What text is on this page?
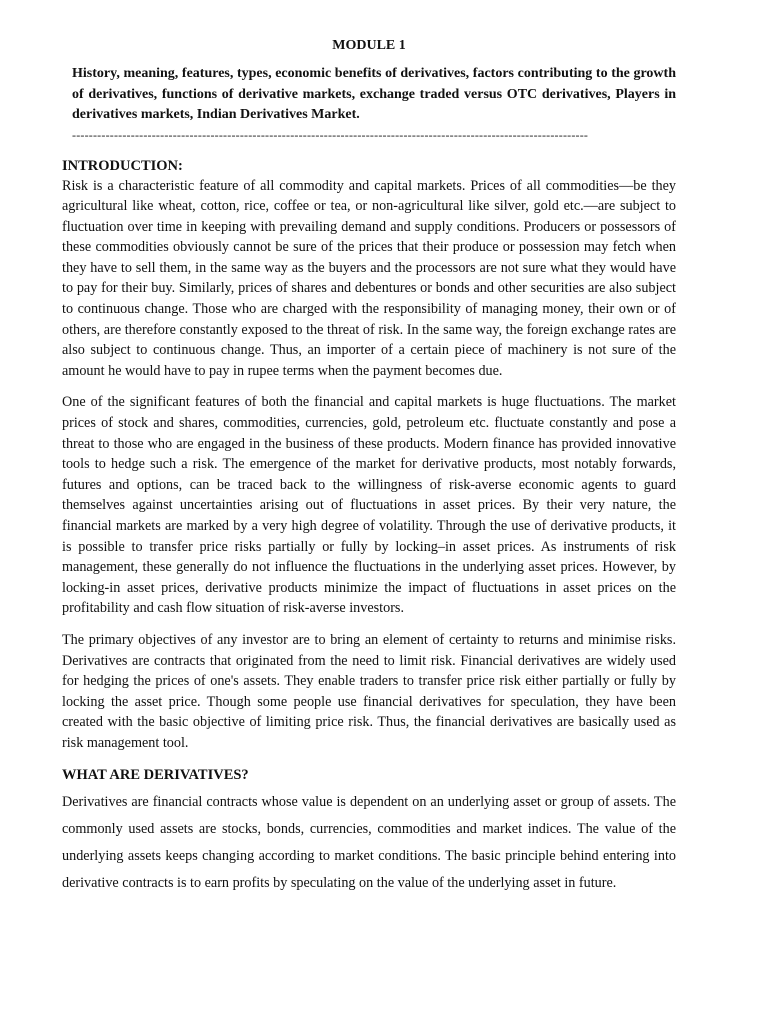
MODULE 1
History, meaning, features, types, economic benefits of derivatives, factors contributing to the growth of derivatives, functions of derivative markets, exchange traded versus OTC derivatives, Players in derivatives markets, Indian Derivatives Market.
---------------------------------------------------------------------------------------------------------------------------
INTRODUCTION:

Risk is a characteristic feature of all commodity and capital markets. Prices of all commodities—be they agricultural like wheat, cotton, rice, coffee or tea, or non-agricultural like silver, gold etc.—are subject to fluctuation over time in keeping with prevailing demand and supply conditions. Producers or possessors of these commodities obviously cannot be sure of the prices that their produce or possession may fetch when they have to sell them, in the same way as the buyers and the processors are not sure what they would have to pay for their buy. Similarly, prices of shares and debentures or bonds and other securities are also subject to continuous change. Those who are charged with the responsibility of managing money, their own or of others, are therefore constantly exposed to the threat of risk. In the same way, the foreign exchange rates are also subject to continuous change. Thus, an importer of a certain piece of machinery is not sure of the amount he would have to pay in rupee terms when the payment becomes due.

One of the significant features of both the financial and capital markets is huge fluctuations. The market prices of stock and shares, commodities, currencies, gold, petroleum etc. fluctuate constantly and pose a threat to those who are engaged in the business of these products. Modern finance has provided innovative tools to hedge such a risk. The emergence of the market for derivative products, most notably forwards, futures and options, can be traced back to the willingness of risk-averse economic agents to guard themselves against uncertainties arising out of fluctuations in asset prices. By their very nature, the financial markets are marked by a very high degree of volatility. Through the use of derivative products, it is possible to transfer price risks partially or fully by locking–in asset prices. As instruments of risk management, these generally do not influence the fluctuations in the underlying asset prices. However, by locking-in asset prices, derivative products minimize the impact of fluctuations in asset prices on the profitability and cash flow situation of risk-averse investors.

The primary objectives of any investor are to bring an element of certainty to returns and minimise risks. Derivatives are contracts that originated from the need to limit risk. Financial derivatives are widely used for hedging the prices of one's assets. They enable traders to transfer price risk either partially or fully by locking the asset price. Though some people use financial derivatives for speculation, they have been created with the basic objective of limiting price risk. Thus, the financial derivatives are basically used as risk management tool.

WHAT ARE DERIVATIVES?

Derivatives are financial contracts whose value is dependent on an underlying asset or group of assets. The commonly used assets are stocks, bonds, currencies, commodities and market indices. The value of the underlying assets keeps changing according to market conditions. The basic principle behind entering into derivative contracts is to earn profits by speculating on the value of the underlying asset in future.
